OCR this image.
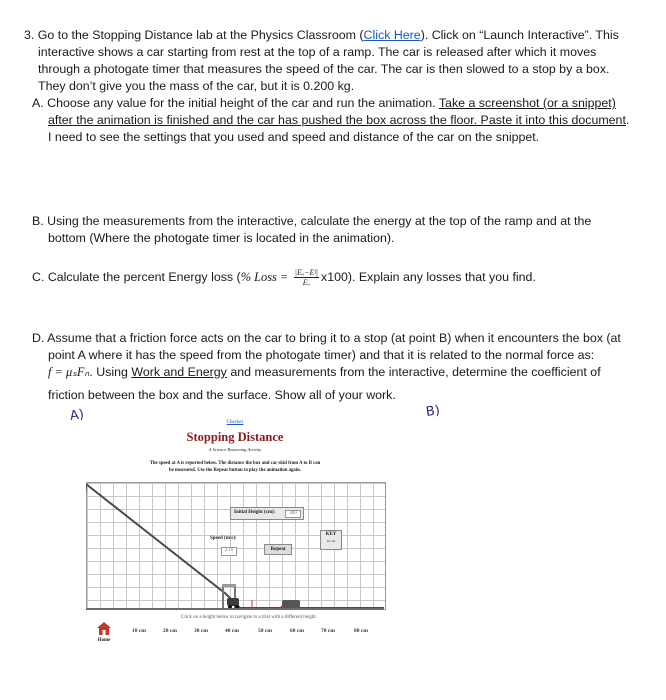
3. Go to the Stopping Distance lab at the Physics Classroom (Click Here). Click on “Launch Interactive”. This

interactive shows a car starting from rest at the top of a ramp. The car is released after which it moves

through a photogate timer that measures the speed of the car. The car is then slowed to a stop by a box.

They don’t give you the mass of the car, but it is 0.200 kg.

A. Choose any value for the initial height of the car and run the animation. Take a screenshot (or a snippet)

after the animation is finished and the car has pushed the box across the floor. Paste it into this document.

I need to see the settings that you used and speed and distance of the car on the snippet.

B. Using the measurements from the interactive, calculate the energy at the top of the ramp and at the

bottom (Where the photogate timer is located in the animation).

C. Calculate the percent Energy loss (% Loss = $\frac{\text{|Eₒ−Eᶠ|}}{\text{Eₒ}} x100$). Explain any losses that you find.

D. Assume that a friction force acts on the car to bring it to a stop (at point B) when it encounters the box (at

point A where it has the speed from the photogate timer) and that it is related to the normal force as:

f = μₛFₙ. Using Work and Energy and measurements from the interactive, determine the coefficient of

friction between the box and the surface. Show all of your work.

A)	B)
Checker
Stopping Distance
A Science Reasoning Activity
The speed at A is reported below. The distance the box and car skid from A to B can
be measured. Use the Repeat button to play the animation again.
Initial Height (cm):	300
Speed (m/s):
2.10	Repeat
KEY
10 cm
Click on a height below to navigate to a trial with a different height.
Home
10 cm	20 cm	30 cm	40 cm	50 cm	60 cm	70 cm	80 cm
